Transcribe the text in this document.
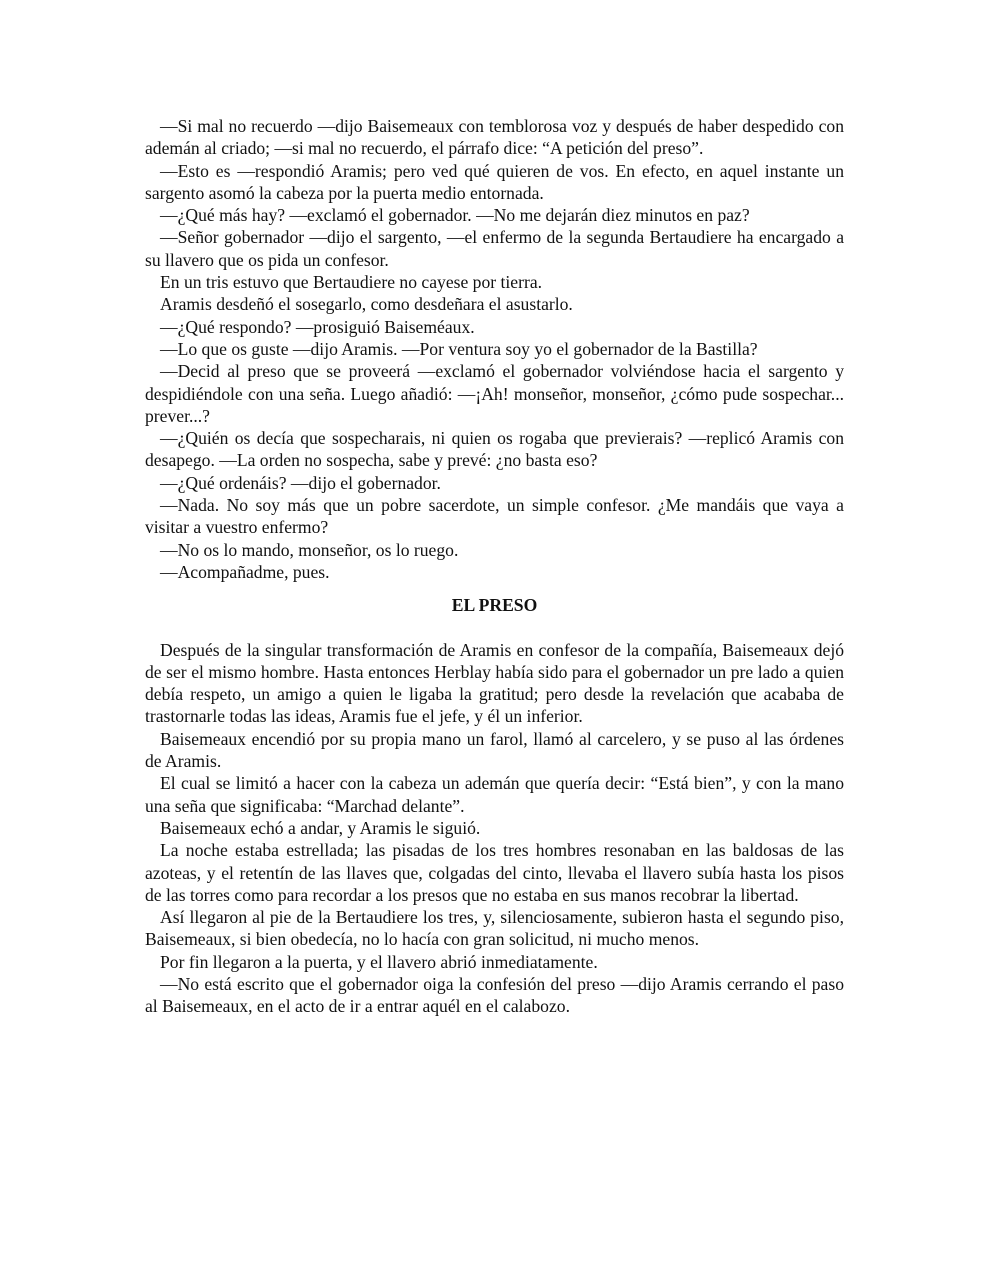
—Si mal no recuerdo —dijo Baisemeaux con temblorosa voz y después de haber despedido con ademán al criado; —si mal no recuerdo, el párrafo dice: “A petición del preso”.

—Esto es —respondió Aramis; pero ved qué quieren de vos. En efecto, en aquel instante un sargento asomó la cabeza por la puerta medio entornada.

—¿Qué más hay? —exclamó el gobernador. —No me dejarán diez minutos en paz?

—Señor gobernador —dijo el sargento, —el enfermo de la segunda Bertaudiere ha encargado a su llavero que os pida un confesor.

En un tris estuvo que Bertaudiere no cayese por tierra.

Aramis desdeñó el sosegarlo, como desdeñara el asustarlo.

—¿Qué respondo? —prosiguió Baiseméaux.

—Lo que os guste —dijo Aramis. —Por ventura soy yo el gobernador de la Bastilla?

—Decid al preso que se proveerá —exclamó el gobernador volviéndose hacia el sargento y despidiéndole con una seña. Luego añadió: —¡Ah! monseñor, monseñor, ¿cómo pude sospechar... prever...?

—¿Quién os decía que sospecharais, ni quien os rogaba que previerais? —replicó Aramis con desapego. —La orden no sospecha, sabe y prevé: ¿no basta eso?

—¿Qué ordenáis? —dijo el gobernador.

—Nada. No soy más que un pobre sacerdote, un simple confesor. ¿Me mandáis que vaya a visitar a vuestro enfermo?

—No os lo mando, monseñor, os lo ruego.

—Acompañadme, pues.

EL PRESO

Después de la singular transformación de Aramis en confesor de la compañía, Baisemeaux dejó de ser el mismo hombre. Hasta entonces Herblay había sido para el gobernador un pre lado a quien debía respeto, un amigo a quien le ligaba la gratitud; pero desde la revelación que acababa de trastornarle todas las ideas, Aramis fue el jefe, y él un inferior.

Baisemeaux encendió por su propia mano un farol, llamó al carcelero, y se puso al las órdenes de Aramis.

El cual se limitó a hacer con la cabeza un ademán que quería decir: “Está bien”, y con la mano una seña que significaba: “Marchad delante”.

Baisemeaux echó a andar, y Aramis le siguió.

La noche estaba estrellada; las pisadas de los tres hombres resonaban en las baldosas de las azoteas, y el retentín de las llaves que, colgadas del cinto, llevaba el llavero subía hasta los pisos de las torres como para recordar a los presos que no estaba en sus manos recobrar la libertad.

Así llegaron al pie de la Bertaudiere los tres, y, silenciosamente, subieron hasta el segundo piso, Baisemeaux, si bien obedecía, no lo hacía con gran solicitud, ni mucho menos.

Por fin llegaron a la puerta, y el llavero abrió inmediatamente.

—No está escrito que el gobernador oiga la confesión del preso —dijo Aramis cerrando el paso al Baisemeaux, en el acto de ir a entrar aquél en el calabozo.
